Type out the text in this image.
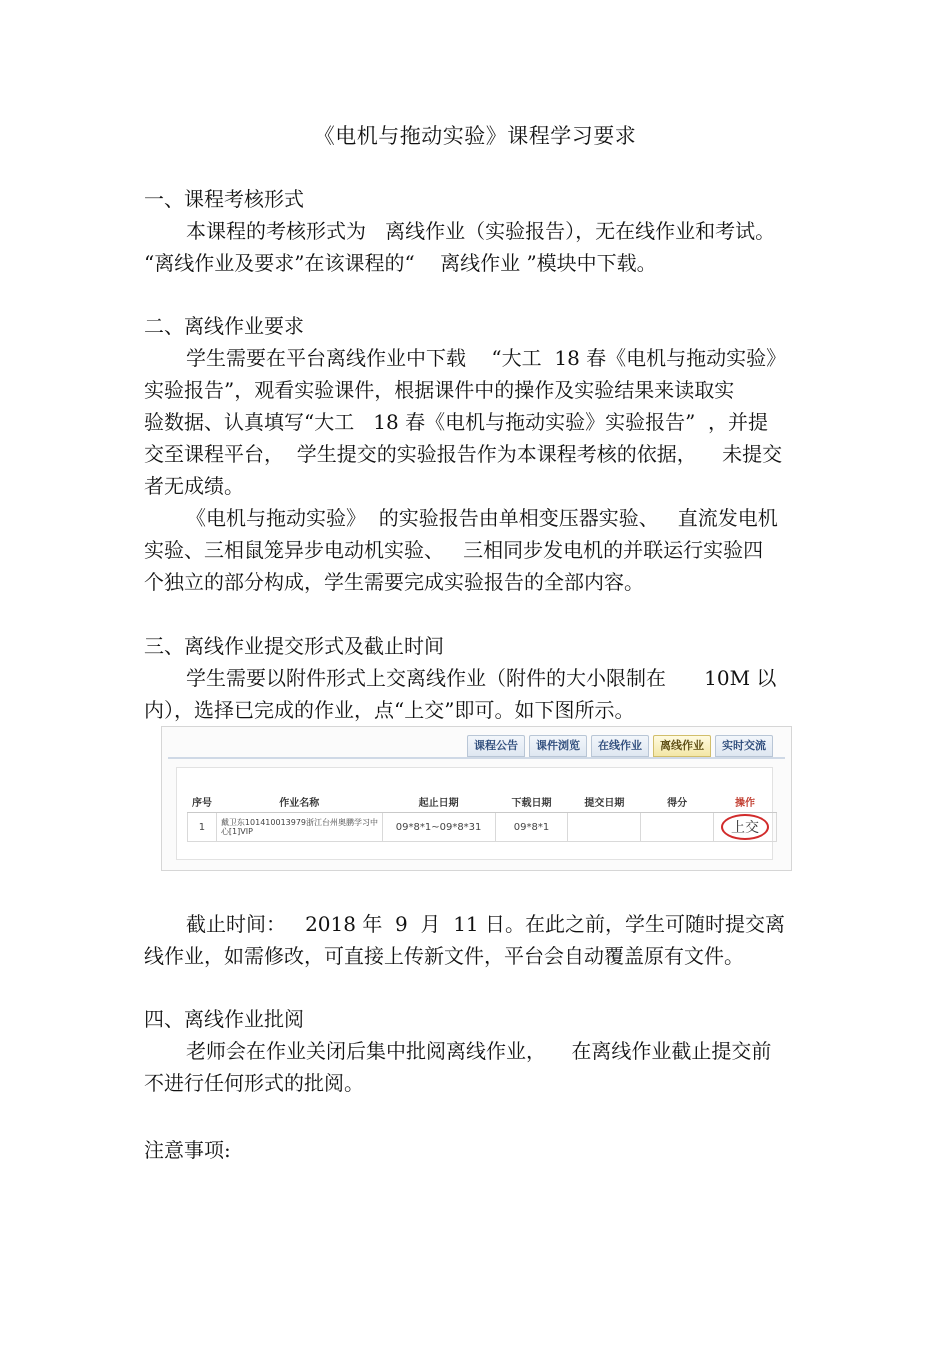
《电机与拖动实验》课程学习要求

一、课程考核形式

本课程的考核形式为   离线作业（实验报告），无在线作业和考试。

“离线作业及要求”在该课程的“    离线作业 ”模块中下载。

二、离线作业要求

学生需要在平台离线作业中下载    “大工  18 春《电机与拖动实验》

实验报告”，观看实验课件，根据课件中的操作及实验结果来读取实

验数据、认真填写“大工   18 春《电机与拖动实验》实验报告”  ，并提

交至课程平台，  学生提交的实验报告作为本课程考核的依据，    未提交

者无成绩。

《电机与拖动实验》  的实验报告由单相变压器实验、   直流发电机

实验、三相鼠笼异步电动机实验、   三相同步发电机的并联运行实验四

个独立的部分构成，学生需要完成实验报告的全部内容。

三、离线作业提交形式及截止时间

学生需要以附件形式上交离线作业（附件的大小限制在      10M 以

内），选择已完成的作业，点“上交”即可。如下图所示。

课程公告	课件浏览	在线作业	离线作业	实时交流
序号	作业名称	起止日期	下载日期	提交日期	得分	操作
1	戴卫东101410013979浙江台州奥鹏学习中心[1]VIP	09*8*1~09*8*31	09*8*1			上交

截止时间：   2018 年  9  月  11 日。在此之前，学生可随时提交离

线作业，如需修改，可直接上传新文件，平台会自动覆盖原有文件。

四、离线作业批阅

老师会在作业关闭后集中批阅离线作业，    在离线作业截止提交前

不进行任何形式的批阅。

注意事项:
